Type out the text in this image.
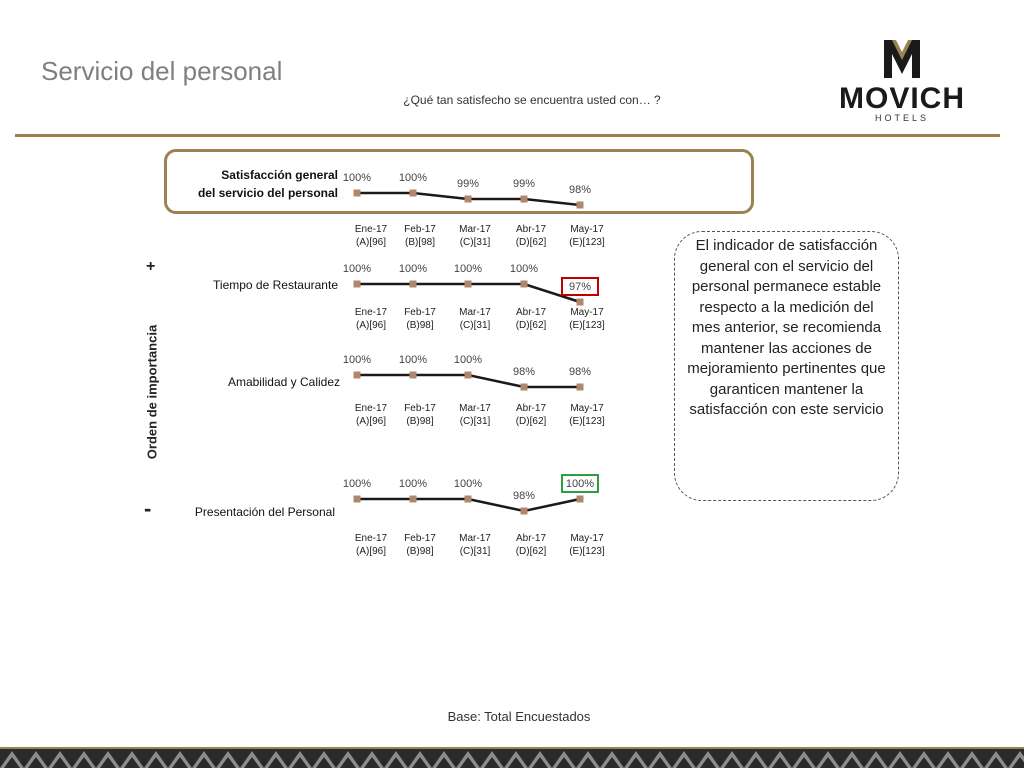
Servicio del personal
¿Qué tan satisfecho se encuentra usted con… ?	MOVICH
HOTELS
+
-
Orden de importancia
Satisfacción general
del servicio del personal
Tiempo de Restaurante
Amabilidad y Calidez
Presentación del Personal
100%
Ene-17
(A)[96]
100%
Feb-17
(B)[98]
99%
Mar-17
(C)[31]
99%
Abr-17
(D)[62]
98%
May-17
(E)[123]
100%
Ene-17
(A)[96]
100%
Feb-17
(B)98]
100%
Mar-17
(C)[31]
100%
Abr-17
(D)[62]
97%
May-17
(E)[123]
100%
Ene-17
(A)[96]
100%
Feb-17
(B)98]
100%
Mar-17
(C)[31]
98%
Abr-17
(D)[62]
98%
May-17
(E)[123]
100%
Ene-17
(A)[96]
100%
Feb-17
(B)98]
100%
Mar-17
(C)[31]
98%
Abr-17
(D)[62]
100%
May-17
(E)[123]
El indicador de satisfacción general con el servicio del personal permanece estable respecto a la medición del mes anterior, se recomienda mantener las acciones de mejoramiento pertinentes que garanticen mantener la satisfacción con este servicio
Base: Total Encuestados
